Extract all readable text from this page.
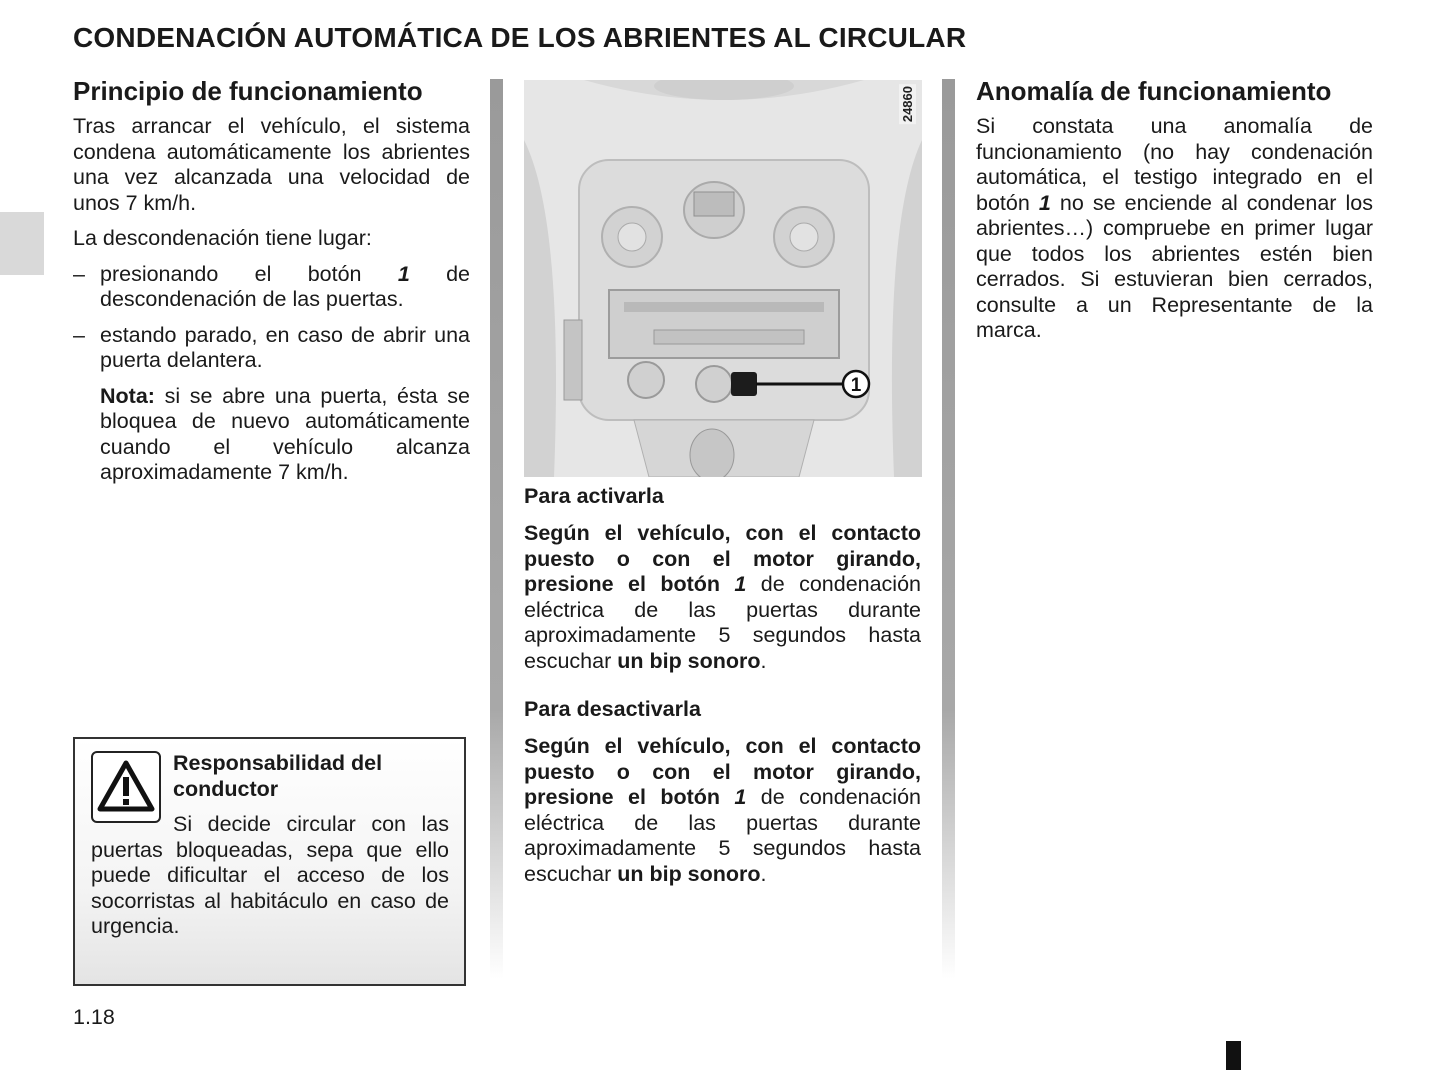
CONDENACIÓN AUTOMÁTICA DE LOS ABRIENTES AL CIRCULAR
Principio de funcionamiento

Tras arrancar el vehículo, el sistema condena automáticamente los abrientes una vez alcanzada una velocidad de unos 7 km/h.

La descondenación tiene lugar:

– presionando el botón 1 de descondenación de las puertas.

– estando parado, en caso de abrir una puerta delantera.

Nota: si se abre una puerta, ésta se bloquea de nuevo automáticamente cuando el vehículo alcanza aproximadamente 7 km/h.

Responsabilidad del conductor

Si decide circular con las puertas bloqueadas, sepa que ello puede dificultar el acceso de los socorristas al habitáculo en caso de urgencia.

1
24860
Para activarla

Según el vehículo, con el contacto puesto o con el motor girando, presione el botón 1 de condenación eléctrica de las puertas durante aproximadamente 5 segundos hasta escuchar un bip sonoro.

Para desactivarla

Según el vehículo, con el contacto puesto o con el motor girando, presione el botón 1 de condenación eléctrica de las puertas durante aproximadamente 5 segundos hasta escuchar un bip sonoro.

Anomalía de funcionamiento

Si constata una anomalía de funcionamiento (no hay condenación automática, el testigo integrado en el botón 1 no se enciende al condenar los abrientes…) compruebe en primer lugar que todos los abrientes estén bien cerrados. Si estuvieran bien cerrados, consulte a un Representante de la marca.

1.18
